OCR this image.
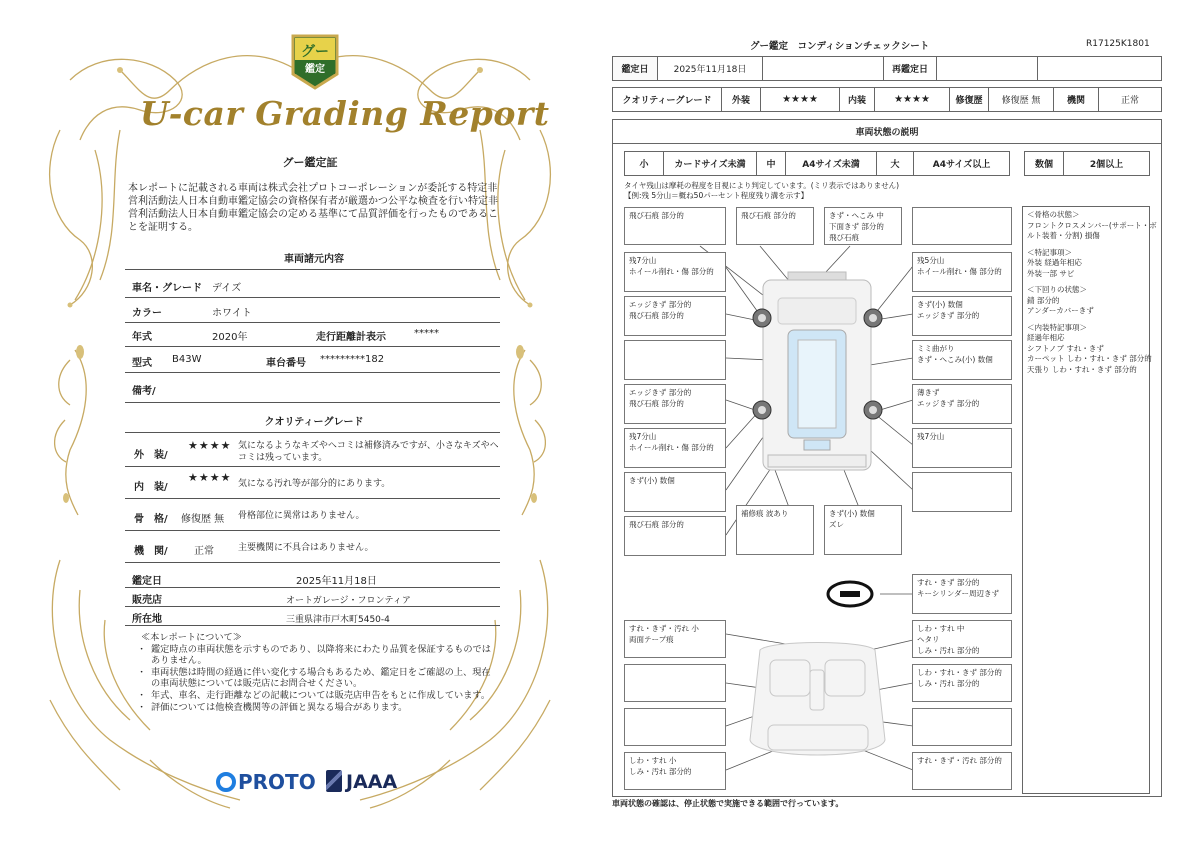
グー
鑑定
U-car Grading Report
グー鑑定証
本レポートに記載される車両は株式会社プロトコーポレーションが委託する特定非営利活動法人日本自動車鑑定協会の資格保有者が厳選かつ公平な検査を行い特定非営利活動法人日本自動車鑑定協会の定める基準にて品質評価を行ったものであることを証明する。
車両諸元内容
車名・グレード デイズ
カラー	ホワイト
年式	2020年	走行距離計表示	*****
型式 B43W	車台番号 *********182
備考/
クオリティーグレード
外　装/
★★★★ 気になるようなキズやヘコミは補修済みですが、小さなキズやヘコミは残っています。
内　装/
★★★★ 気になる汚れ等が部分的にあります。
骨　格/ 修復歴 無 骨格部位に異常はありません。
機　関/	正常	主要機関に不具合はありません。
鑑定日	2025年11月18日
販売店	オートガレージ・フロンティア
所在地	三重県津市戸木町5450-4
≪本レポートについて≫
・ 鑑定時点の車両状態を示すものであり、以降将来にわたり品質を保証するものではありません。
・ 車両状態は時間の経過に伴い変化する場合もあるため、鑑定日をご確認の上、現在の車両状態については販売店にお問合せください。
・ 年式、車名、走行距離などの記載については販売店申告をもとに作成しています。
・ 評価については他検査機関等の評価と異なる場合があります。
PROTO	JAAA
グー鑑定　コンディションチェックシート	R17125K1801
鑑定日	2025年11月18日	再鑑定日
クオリティーグレード	外装	★★★★	内装	★★★★	修復歴	修復歴 無	機関	正常
車両状態の説明
小	カードサイズ未満	中	A4サイズ未満	大	A4サイズ以上	数個	2個以上
タイヤ残山は摩耗の程度を目視により判定しています。(ミリ表示ではありません)
【例:残 5分山＝概ね50パーセント程度残り溝を示す】
＜骨格の状態＞
フロントクロスメンバー(サポート・ボ
ルト装着・分割) 損傷
＜特記事項＞
外装 経過年相応
外装一部 サビ
＜下回りの状態＞
錆 部分的
アンダーカバーきず
＜内装特記事項＞
経過年相応
シフトノブ すれ・きず
カーペット しわ・すれ・きず 部分的
天張り しわ・すれ・きず 部分的
飛び石痕 部分的
残7分山
ホイール削れ・傷 部分的
エッジきず 部分的
飛び石痕 部分的
エッジきず 部分的
飛び石痕 部分的
残7分山
ホイール削れ・傷 部分的
きず(小) 数個
飛び石痕 部分的
飛び石痕 部分的	きず・へこみ 中
下面きず 部分的
飛び石痕
残5分山
ホイール削れ・傷 部分的
きず(小) 数個
エッジきず 部分的
ミミ曲がり
きず・へこみ(小) 数個
薄きず
エッジきず 部分的
残7分山
補修痕 波あり	きず(小) 数個
ズレ
すれ・きず 部分的
キーシリンダー周辺きず
すれ・きず・汚れ 小
両面テープ痕
しわ・すれ 小
しみ・汚れ 部分的
しわ・すれ 中
ヘタリ
しみ・汚れ 部分的
しわ・すれ・きず 部分的
しみ・汚れ 部分的
すれ・きず・汚れ 部分的
車両状態の確認は、停止状態で実施できる範囲で行っています。
